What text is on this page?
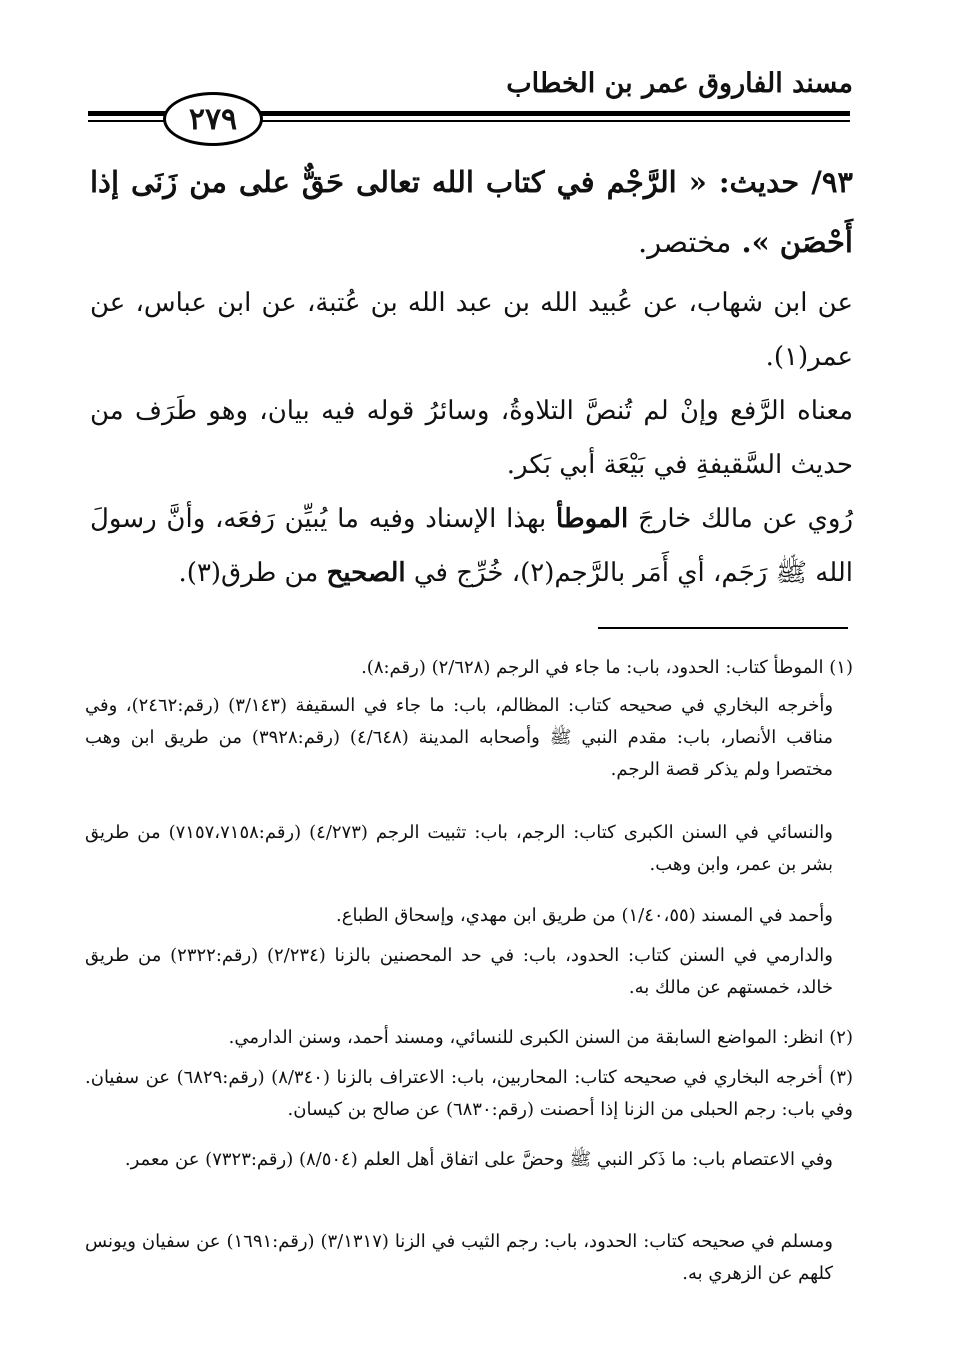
مسند الفاروق عمر بن الخطاب
٢٧٩
٩٣/ حديث: « الرَّجْم في كتاب الله تعالى حَقٌّ على من زَنَى إذا أَحْصَن ». مختصر.
عن ابن شهاب، عن عُبيد الله بن عبد الله بن عُتبة، عن ابن عباس، عن عمر(١).
معناه الرَّفع وإنْ لم تُنصَّ التلاوةُ، وسائرُ قوله فيه بيان، وهو طَرَف من حديث السَّقيفةِ في بَيْعَة أبي بَكر.
رُوي عن مالك خارجَ الموطأ بهذا الإسناد وفيه ما يُبيِّن رَفعَه، وأنَّ رسولَ الله ﷺ رَجَم، أي أَمَر بالرَّجم(٢)، خُرِّج في الصحيح من طرق(٣).
(١) الموطأ كتاب: الحدود، باب: ما جاء في الرجم (٢/٦٢٨) (رقم:٨).
وأخرجه البخاري في صحيحه كتاب: المظالم، باب: ما جاء في السقيفة (٣/١٤٣) (رقم:٢٤٦٢)، وفي مناقب الأنصار، باب: مقدم النبي ﷺ وأصحابه المدينة (٤/٦٤٨) (رقم:٣٩٢٨) من طريق ابن وهب مختصرا ولم يذكر قصة الرجم.
والنسائي في السنن الكبرى كتاب: الرجم، باب: تثبيت الرجم (٤/٢٧٣) (رقم:٧١٥٧،٧١٥٨) من طريق بشر بن عمر، وابن وهب.
وأحمد في المسند (١/٤٠،٥٥) من طريق ابن مهدي، وإسحاق الطباع.
والدارمي في السنن كتاب: الحدود، باب: في حد المحصنين بالزنا (٢/٢٣٤) (رقم:٢٣٢٢) من طريق خالد، خمستهم عن مالك به.
(٢) انظر: المواضع السابقة من السنن الكبرى للنسائي، ومسند أحمد، وسنن الدارمي.
(٣) أخرجه البخاري في صحيحه كتاب: المحاربين، باب: الاعتراف بالزنا (٨/٣٤٠) (رقم:٦٨٢٩) عن سفيان. وفي باب: رجم الحبلى من الزنا إذا أحصنت (رقم:٦٨٣٠) عن صالح بن كيسان.
وفي الاعتصام باب: ما ذَكر النبي ﷺ وحضَّ على اتفاق أهل العلم (٨/٥٠٤) (رقم:٧٣٢٣) عن معمر.
ومسلم في صحيحه كتاب: الحدود، باب: رجم الثيب في الزنا (٣/١٣١٧) (رقم:١٦٩١) عن سفيان ويونس كلهم عن الزهري به.
